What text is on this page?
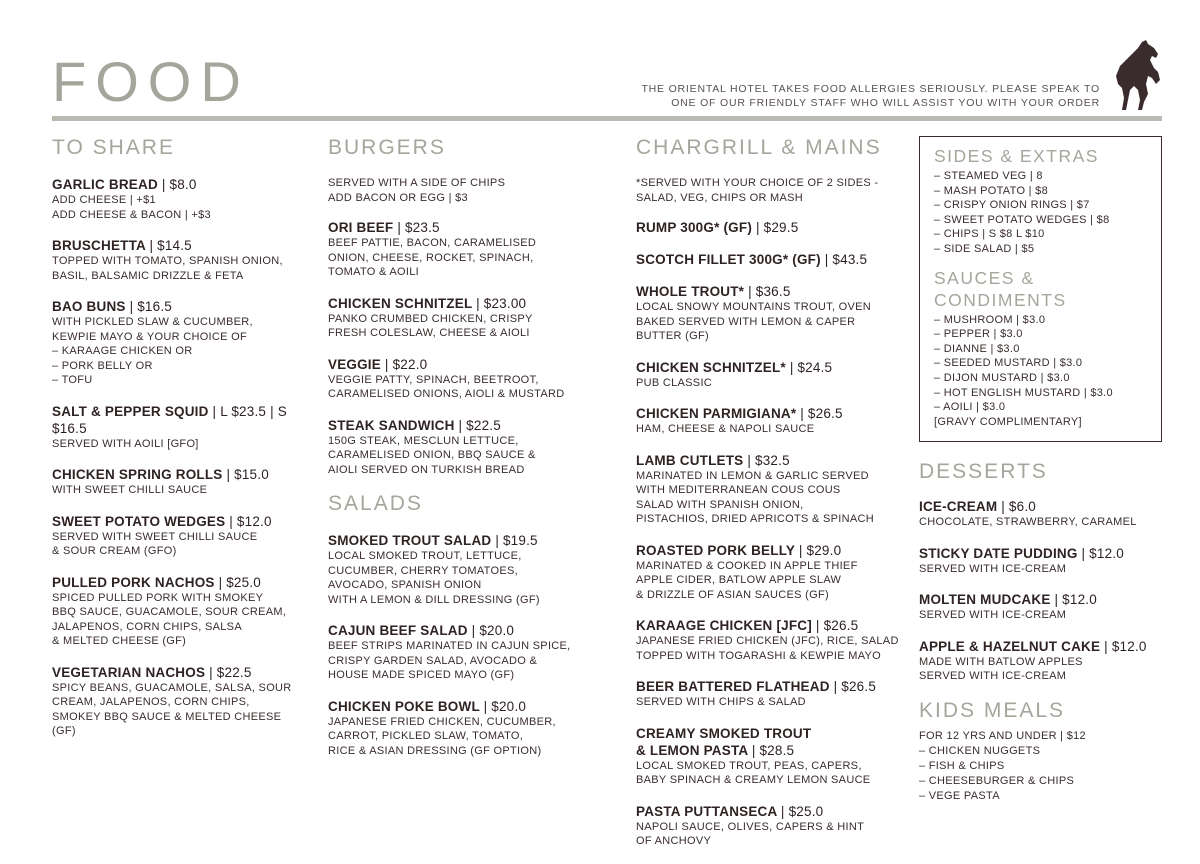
FOOD	THE ORIENTAL HOTEL TAKES FOOD ALLERGIES SERIOUSLY. PLEASE SPEAK TO
ONE OF OUR FRIENDLY STAFF WHO WILL ASSIST YOU WITH YOUR ORDER
TO SHARE
GARLIC BREAD | $8.0
ADD CHEESE | +$1
ADD CHEESE & BACON | +$3
BRUSCHETTA | $14.5
TOPPED WITH TOMATO, SPANISH ONION,
BASIL, BALSAMIC DRIZZLE & FETA
BAO BUNS | $16.5
WITH PICKLED SLAW & CUCUMBER,
KEWPIE MAYO & YOUR CHOICE OF
– KARAAGE CHICKEN OR
– PORK BELLY OR
– TOFU
SALT & PEPPER SQUID | L $23.5 | S $16.5
SERVED WITH AOILI [GFO]
CHICKEN SPRING ROLLS | $15.0
WITH SWEET CHILLI SAUCE
SWEET POTATO WEDGES | $12.0
SERVED WITH SWEET CHILLI SAUCE
& SOUR CREAM (GFO)
PULLED PORK NACHOS | $25.0
SPICED PULLED PORK WITH SMOKEY
BBQ SAUCE, GUACAMOLE, SOUR CREAM,
JALAPENOS, CORN CHIPS, SALSA
& MELTED CHEESE (GF)
VEGETARIAN NACHOS | $22.5
SPICY BEANS, GUACAMOLE, SALSA, SOUR
CREAM, JALAPENOS, CORN CHIPS,
SMOKEY BBQ SAUCE & MELTED CHEESE
(GF)
BURGERS
SERVED WITH A SIDE OF CHIPS
ADD BACON OR EGG | $3
ORI BEEF | $23.5
BEEF PATTIE, BACON, CARAMELISED
ONION, CHEESE, ROCKET, SPINACH,
TOMATO & AOILI
CHICKEN SCHNITZEL | $23.00
PANKO CRUMBED CHICKEN, CRISPY
FRESH COLESLAW, CHEESE & AIOLI
VEGGIE | $22.0
VEGGIE PATTY, SPINACH, BEETROOT,
CARAMELISED ONIONS, AIOLI & MUSTARD
STEAK SANDWICH | $22.5
150G STEAK, MESCLUN LETTUCE,
CARAMELISED ONION, BBQ SAUCE &
AIOLI SERVED ON TURKISH BREAD
SALADS
SMOKED TROUT SALAD | $19.5
LOCAL SMOKED TROUT, LETTUCE,
CUCUMBER, CHERRY TOMATOES,
AVOCADO, SPANISH ONION
WITH A LEMON & DILL DRESSING (GF)
CAJUN BEEF SALAD | $20.0
BEEF STRIPS MARINATED IN CAJUN SPICE,
CRISPY GARDEN SALAD, AVOCADO &
HOUSE MADE SPICED MAYO (GF)
CHICKEN POKE BOWL | $20.0
JAPANESE FRIED CHICKEN, CUCUMBER,
CARROT, PICKLED SLAW, TOMATO,
RICE & ASIAN DRESSING (GF OPTION)
CHARGRILL & MAINS
*SERVED WITH YOUR CHOICE OF 2 SIDES -
SALAD, VEG, CHIPS OR MASH
RUMP 300G* (GF) | $29.5
SCOTCH FILLET 300G* (GF) | $43.5
WHOLE TROUT* | $36.5
LOCAL SNOWY MOUNTAINS TROUT, OVEN
BAKED SERVED WITH LEMON & CAPER
BUTTER (GF)
CHICKEN SCHNITZEL* | $24.5
PUB CLASSIC
CHICKEN PARMIGIANA* | $26.5
HAM, CHEESE & NAPOLI SAUCE
LAMB CUTLETS | $32.5
MARINATED IN LEMON & GARLIC SERVED
WITH MEDITERRANEAN COUS COUS
SALAD WITH SPANISH ONION,
PISTACHIOS, DRIED APRICOTS & SPINACH
ROASTED PORK BELLY | $29.0
MARINATED & COOKED IN APPLE THIEF
APPLE CIDER, BATLOW APPLE SLAW
& DRIZZLE OF ASIAN SAUCES (GF)
KARAAGE CHICKEN [JFC] | $26.5
JAPANESE FRIED CHICKEN (JFC), RICE, SALAD
TOPPED WITH TOGARASHI & KEWPIE MAYO
BEER BATTERED FLATHEAD | $26.5
SERVED WITH CHIPS & SALAD
CREAMY SMOKED TROUT
& LEMON PASTA | $28.5
LOCAL SMOKED TROUT, PEAS, CAPERS,
BABY SPINACH & CREAMY LEMON SAUCE
PASTA PUTTANSECA | $25.0
NAPOLI SAUCE, OLIVES, CAPERS & HINT
OF ANCHOVY
SIDES & EXTRAS
– STEAMED VEG | 8
– MASH POTATO | $8
– CRISPY ONION RINGS | $7
– SWEET POTATO WEDGES | $8
– CHIPS | S $8 L $10
– SIDE SALAD | $5
SAUCES & CONDIMENTS
– MUSHROOM | $3.0
– PEPPER | $3.0
– DIANNE | $3.0
– SEEDED MUSTARD | $3.0
– DIJON MUSTARD | $3.0
– HOT ENGLISH MUSTARD | $3.0
– AOILI | $3.0
[GRAVY COMPLIMENTARY]
DESSERTS
ICE-CREAM | $6.0
CHOCOLATE, STRAWBERRY, CARAMEL
STICKY DATE PUDDING | $12.0
SERVED WITH ICE-CREAM
MOLTEN MUDCAKE | $12.0
SERVED WITH ICE-CREAM
APPLE & HAZELNUT CAKE | $12.0
MADE WITH BATLOW APPLES
SERVED WITH ICE-CREAM
KIDS MEALS
FOR 12 YRS AND UNDER | $12
– CHICKEN NUGGETS
– FISH & CHIPS
– CHEESEBURGER & CHIPS
– VEGE PASTA
